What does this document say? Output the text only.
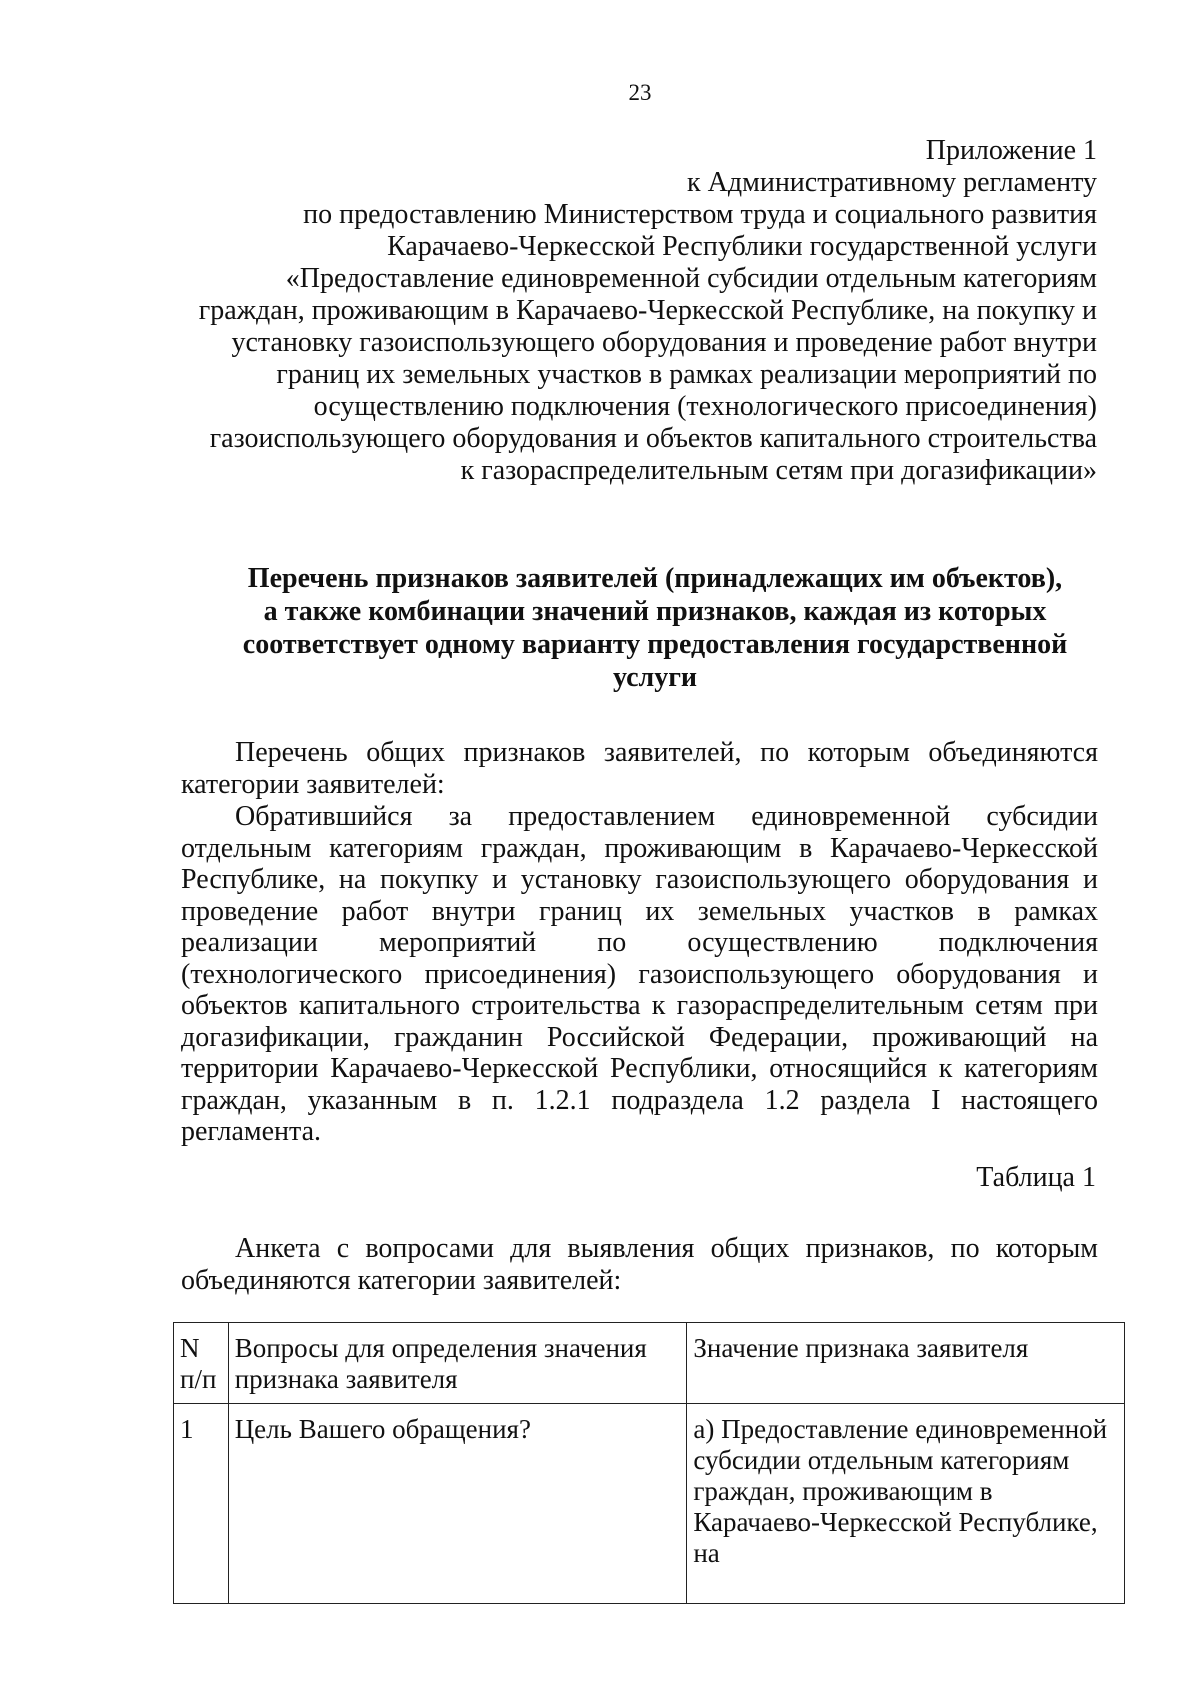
23
Приложение 1
к Административному регламенту
по предоставлению Министерством труда и социального развития
Карачаево-Черкесской Республики государственной услуги
«Предоставление единовременной субсидии отдельным категориям
граждан, проживающим в Карачаево-Черкесской Республике, на покупку и
установку газоиспользующего оборудования и проведение работ внутри
границ их земельных участков в рамках реализации мероприятий по
осуществлению подключения (технологического присоединения)
газоиспользующего оборудования и объектов капитального строительства
к газораспределительным сетям при догазификации»
Перечень признаков заявителей (принадлежащих им объектов),
а также комбинации значений признаков, каждая из которых
соответствует одному варианту предоставления государственной
услуги
Перечень общих признаков заявителей, по которым объединяются категории заявителей:
Обратившийся за предоставлением единовременной субсидии отдельным категориям граждан, проживающим в Карачаево-Черкесской Республике, на покупку и установку газоиспользующего оборудования и проведение работ внутри границ их земельных участков в рамках реализации мероприятий по осуществлению подключения (технологического присоединения) газоиспользующего оборудования и объектов капитального строительства к газораспределительным сетям при догазификации, гражданин Российской Федерации, проживающий на территории Карачаево-Черкесской Республики, относящийся к категориям граждан, указанным в п. 1.2.1 подраздела 1.2 раздела I настоящего регламента.
Таблица 1
Анкета с вопросами для выявления общих признаков, по которым объединяются категории заявителей:
N п/п	Вопросы для определения значения признака заявителя	Значение признака заявителя
1	Цель Вашего обращения?	а) Предоставление единовременной субсидии отдельным категориям граждан, проживающим в Карачаево-Черкесской Республике, на
